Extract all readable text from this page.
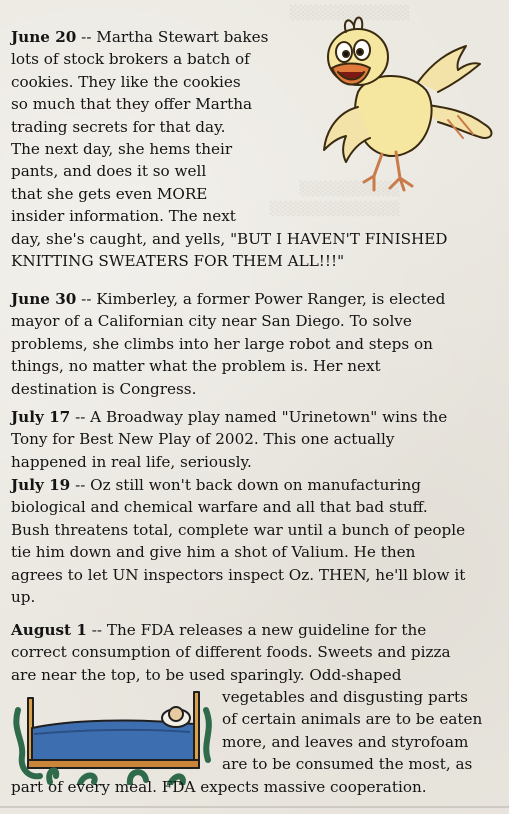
░░░░░░░░░░░░
░░░░░░░░░░
░░░░░░░░░░░░░
June 20 -- Martha Stewart bakes
lots of stock brokers a batch of
cookies. They like the cookies
so much that they offer Martha
trading secrets for that day.
The next day, she hems their
pants, and does it so well
that she gets even MORE
insider information. The next
day, she's caught, and yells, "BUT I HAVEN'T FINISHED
KNITTING SWEATERS FOR THEM ALL!!!"
June 30 -- Kimberley, a former Power Ranger, is elected
mayor of a Californian city near San Diego. To solve
problems, she climbs into her large robot and steps on
things, no matter what the problem is. Her next
destination is Congress.
July 17 -- A Broadway play named "Urinetown" wins the
Tony for Best New Play of 2002. This one actually
happened in real life, seriously.
July 19 -- Oz still won't back down on manufacturing
biological and chemical warfare and all that bad stuff.
Bush threatens total, complete war until a bunch of people
tie him down and give him a shot of Valium. He then
agrees to let UN inspectors inspect Oz. THEN, he'll blow it
up.
August 1 -- The FDA releases a new guideline for the
correct consumption of different foods. Sweets and pizza
are near the top, to be used sparingly. Odd-shaped
vegetables and disgusting parts
of certain animals are to be eaten
more, and leaves and styrofoam
are to be consumed the most, as
part of every meal. FDA expects massive cooperation.
